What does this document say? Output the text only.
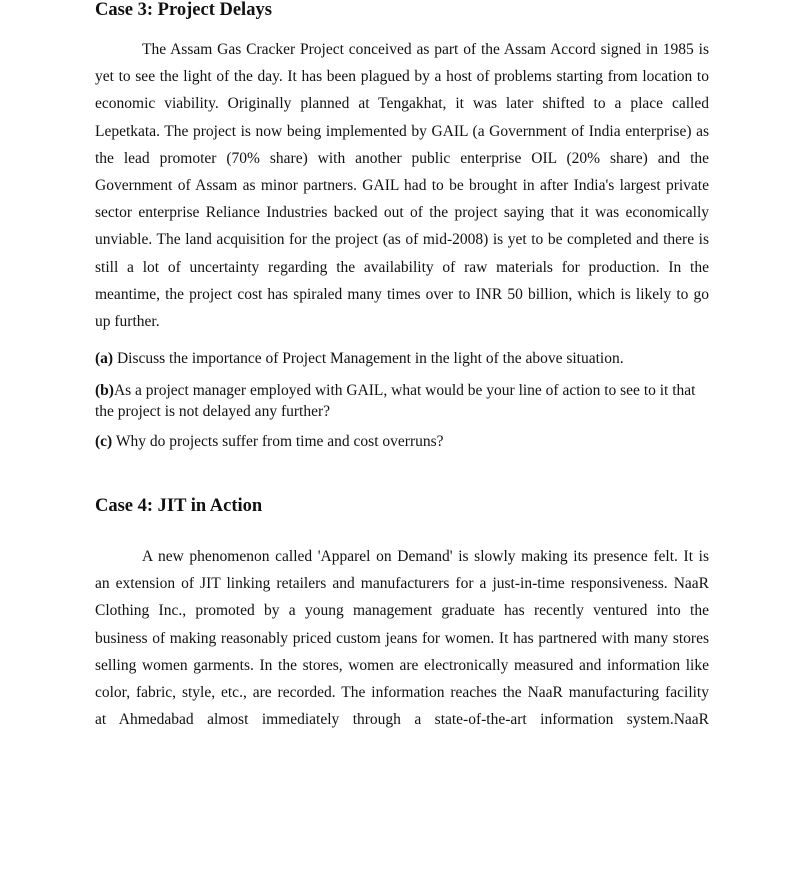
Case 3: Project Delays
The Assam Gas Cracker Project conceived as part of the Assam Accord signed in 1985 is
yet to see the light of the day. It has been plagued by a host of problems starting from location to
economic viability. Originally planned at Tengakhat, it was later shifted to a place called
Lepetkata. The project is now being implemented by GAIL (a Government of India enterprise) as
the lead promoter (70% share) with another public enterprise OIL (20% share) and the
Government of Assam as minor partners. GAIL had to be brought in after India's largest private
sector enterprise Reliance Industries backed out of the project saying that it was economically
unviable. The land acquisition for the project (as of mid-2008) is yet to be completed and there is
still a lot of uncertainty regarding the availability of raw materials for production. In the
meantime, the project cost has spiraled many times over to INR 50 billion, which is likely to go
up further.
(a) Discuss the importance of Project Management in the light of the above situation.
(b)As a project manager employed with GAIL, what would be your line of action to see to it that the project is not delayed any further?
(c) Why do projects suffer from time and cost overruns?
Case 4: JIT in Action
A new phenomenon called 'Apparel on Demand' is slowly making its presence felt. It is
an extension of JIT linking retailers and manufacturers for a just-in-time responsiveness. NaaR
Clothing Inc., promoted by a young management graduate has recently ventured into the
business of making reasonably priced custom jeans for women. It has partnered with many stores
selling women garments. In the stores, women are electronically measured and information like
color, fabric, style, etc., are recorded. The information reaches the NaaR manufacturing facility
at Ahmedabad almost immediately through a state-of-the-art information system.NaaR
